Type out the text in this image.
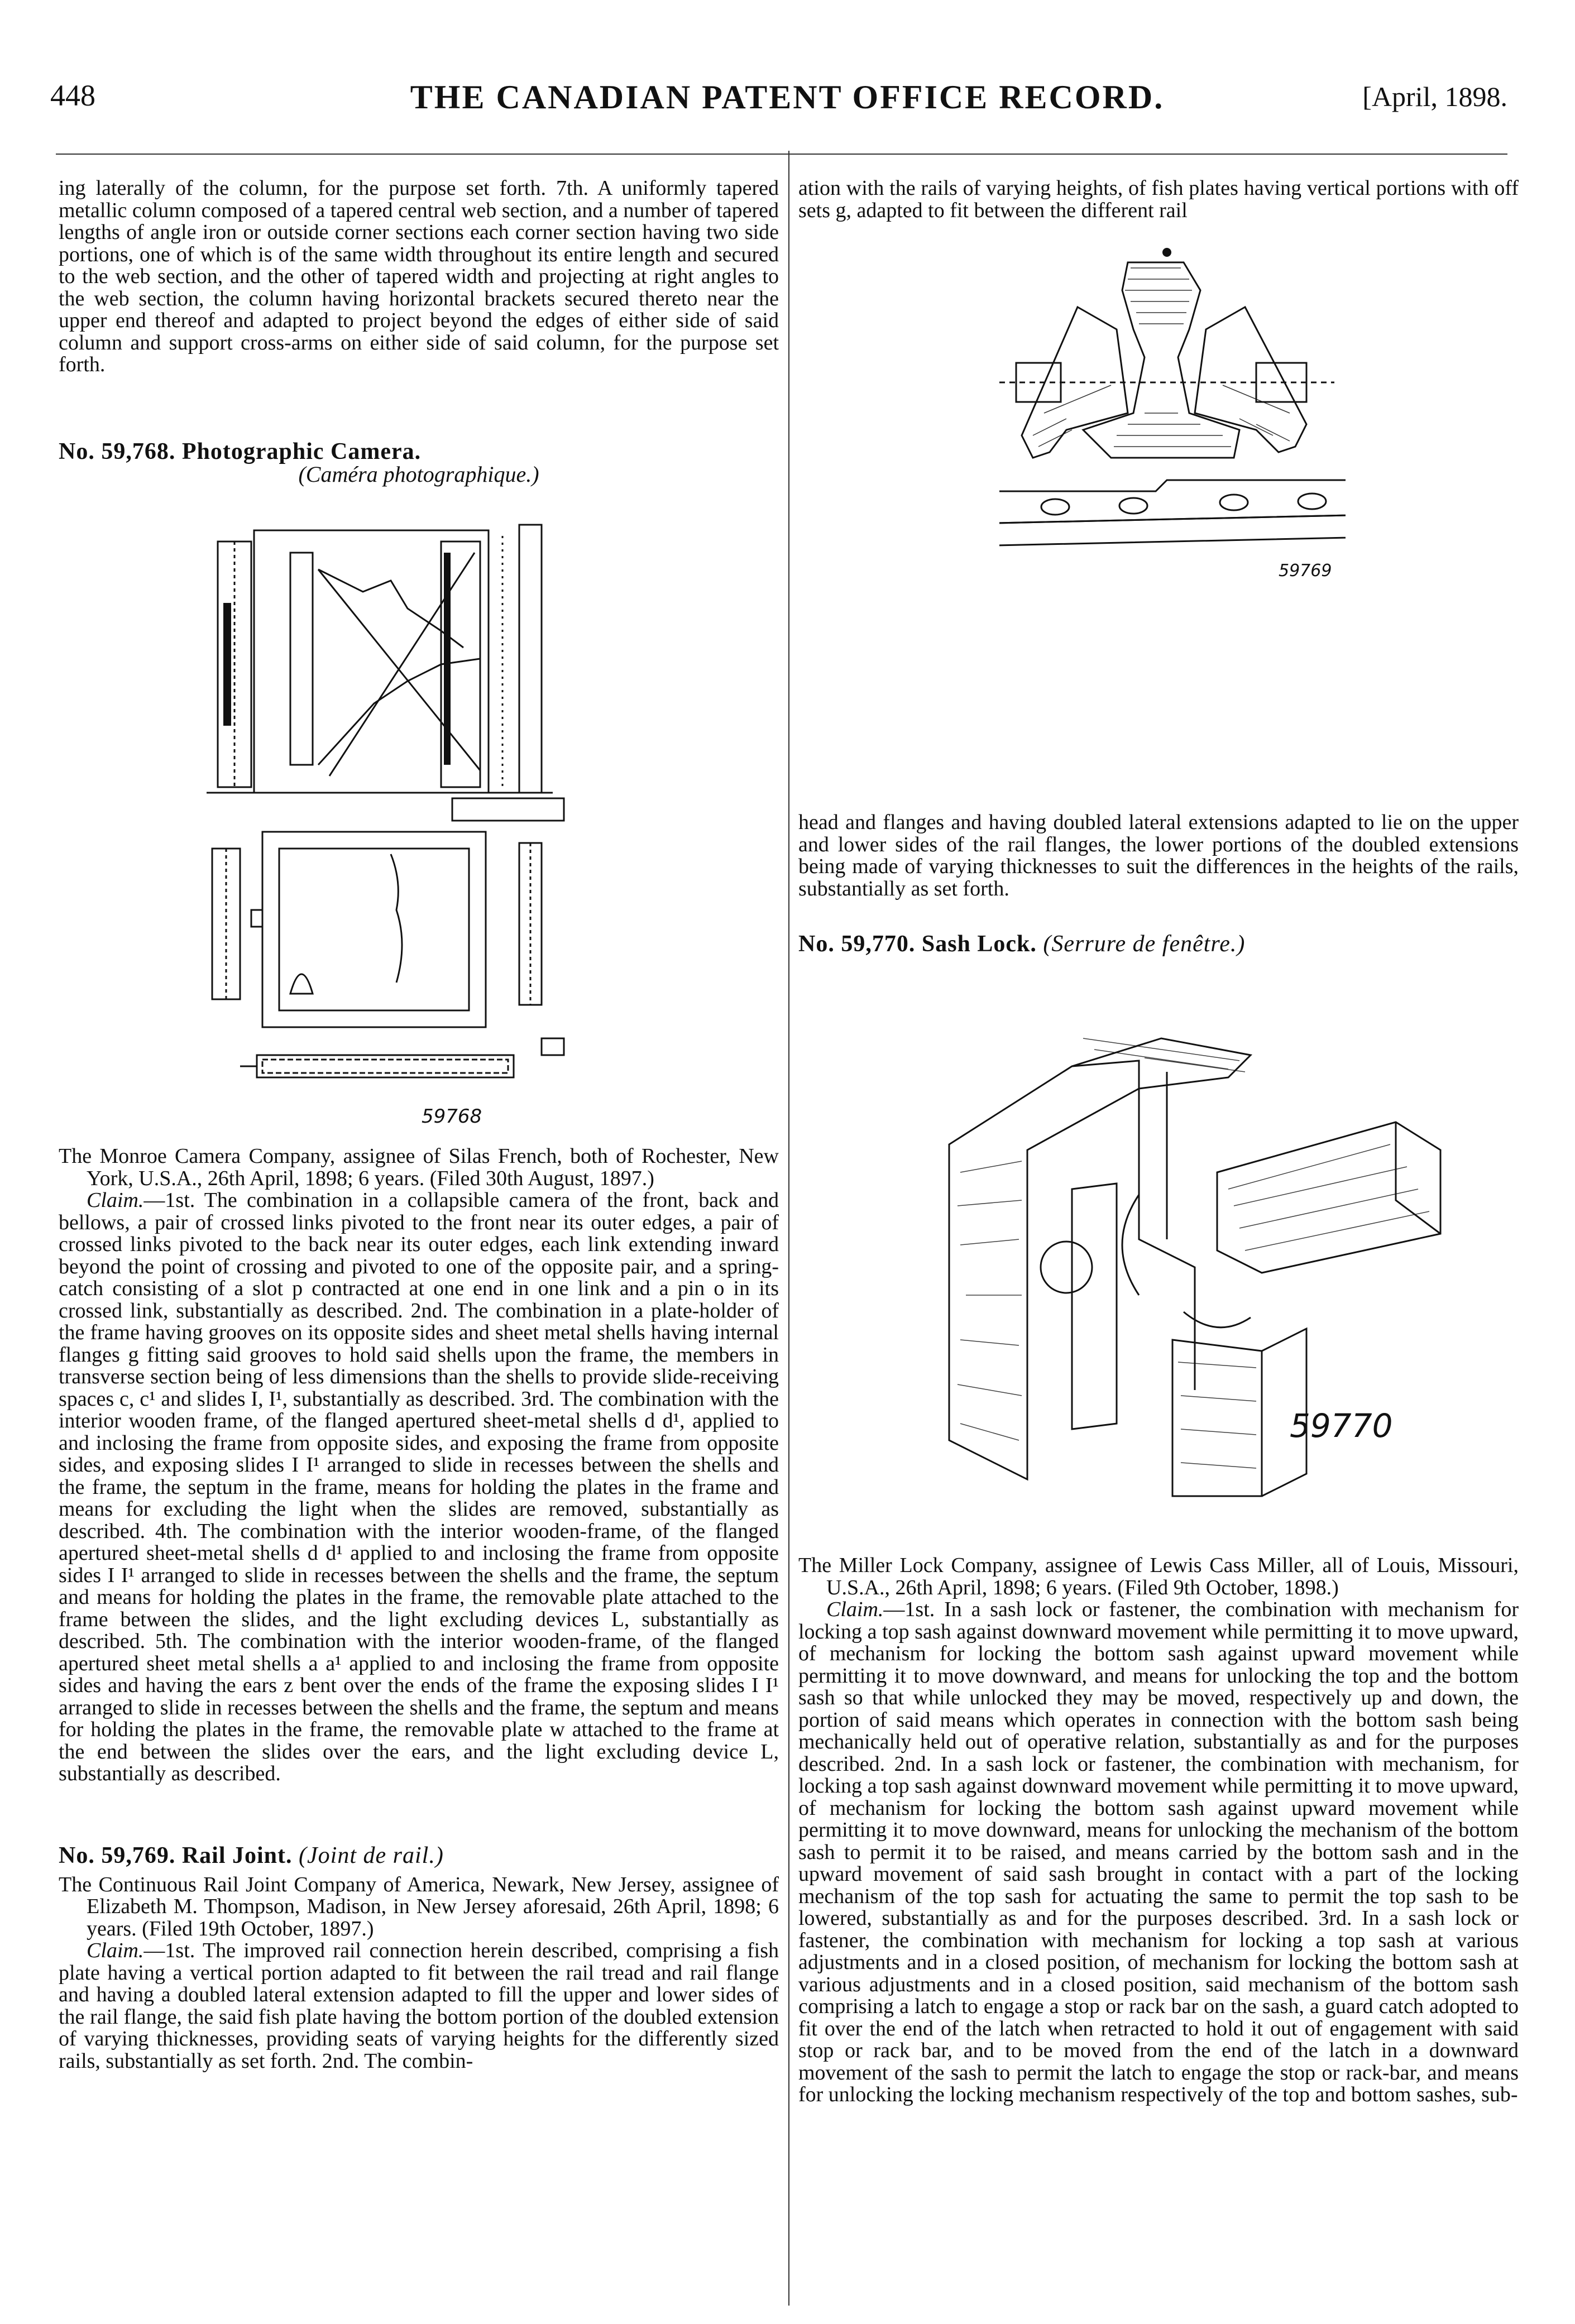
448	THE CANADIAN PATENT OFFICE RECORD.	[April, 1898.

ing laterally of the column, for the purpose set forth. 7th. A uniformly tapered metallic column composed of a tapered central web section, and a number of tapered lengths of angle iron or outside corner sections each corner section having two side portions, one of which is of the same width throughout its entire length and secured to the web section, and the other of tapered width and projecting at right angles to the web section, the column having horizontal brackets secured thereto near the upper end thereof and adapted to project beyond the edges of either side of said column and support cross-arms on either side of said column, for the purpose set forth.

No. 59,768. Photographic Camera.
(Caméra photographique.)
59768

The Monroe Camera Company, assignee of Silas French, both of Rochester, New York, U.S.A., 26th April, 1898; 6 years. (Filed 30th August, 1897.)

Claim.—1st. The combination in a collapsible camera of the front, back and bellows, a pair of crossed links pivoted to the front near its outer edges, a pair of crossed links pivoted to the back near its outer edges, each link extending inward beyond the point of crossing and pivoted to one of the opposite pair, and a spring-catch consisting of a slot p contracted at one end in one link and a pin o in its crossed link, substantially as described. 2nd. The combination in a plate-holder of the frame having grooves on its opposite sides and sheet metal shells having internal flanges g fitting said grooves to hold said shells upon the frame, the members in transverse section being of less dimensions than the shells to provide slide-receiving spaces c, c¹ and slides I, I¹, substantially as described. 3rd. The combination with the interior wooden frame, of the flanged apertured sheet-metal shells d d¹, applied to and inclosing the frame from opposite sides, and exposing the frame from opposite sides, and exposing slides I I¹ arranged to slide in recesses between the shells and the frame, the septum in the frame, means for holding the plates in the frame and means for excluding the light when the slides are removed, substantially as described. 4th. The combination with the interior wooden-frame, of the flanged apertured sheet-metal shells d d¹ applied to and inclosing the frame from opposite sides I I¹ arranged to slide in recesses between the shells and the frame, the septum and means for holding the plates in the frame, the removable plate attached to the frame between the slides, and the light excluding devices L, substantially as described. 5th. The combination with the interior wooden-frame, of the flanged apertured sheet metal shells a a¹ applied to and inclosing the frame from opposite sides and having the ears z bent over the ends of the frame the exposing slides I I¹ arranged to slide in recesses between the shells and the frame, the septum and means for holding the plates in the frame, the removable plate w attached to the frame at the end between the slides over the ears, and the light excluding device L, substantially as described.

No. 59,769. Rail Joint. (Joint de rail.)

The Continuous Rail Joint Company of America, Newark, New Jersey, assignee of Elizabeth M. Thompson, Madison, in New Jersey aforesaid, 26th April, 1898; 6 years. (Filed 19th October, 1897.)

Claim.—1st. The improved rail connection herein described, comprising a fish plate having a vertical portion adapted to fit between the rail tread and rail flange and having a doubled lateral extension adapted to fill the upper and lower sides of the rail flange, the said fish plate having the bottom portion of the doubled extension of varying thicknesses, providing seats of varying heights for the differently sized rails, substantially as set forth. 2nd. The combin-

ation with the rails of varying heights, of fish plates having vertical portions with off sets g, adapted to fit between the different rail

59769

head and flanges and having doubled lateral extensions adapted to lie on the upper and lower sides of the rail flanges, the lower portions of the doubled extensions being made of varying thicknesses to suit the differences in the heights of the rails, substantially as set forth.

No. 59,770. Sash Lock. (Serrure de fenêtre.)
59770

The Miller Lock Company, assignee of Lewis Cass Miller, all of Louis, Missouri, U.S.A., 26th April, 1898; 6 years. (Filed 9th October, 1898.)

Claim.—1st. In a sash lock or fastener, the combination with mechanism for locking a top sash against downward movement while permitting it to move upward, of mechanism for locking the bottom sash against upward movement while permitting it to move downward, and means for unlocking the top and the bottom sash so that while unlocked they may be moved, respectively up and down, the portion of said means which operates in connection with the bottom sash being mechanically held out of operative relation, substantially as and for the purposes described. 2nd. In a sash lock or fastener, the combination with mechanism, for locking a top sash against downward movement while permitting it to move upward, of mechanism for locking the bottom sash against upward movement while permitting it to move downward, means for unlocking the mechanism of the bottom sash to permit it to be raised, and means carried by the bottom sash and in the upward movement of said sash brought in contact with a part of the locking mechanism of the top sash for actuating the same to permit the top sash to be lowered, substantially as and for the purposes described. 3rd. In a sash lock or fastener, the combination with mechanism for locking a top sash at various adjustments and in a closed position, of mechanism for locking the bottom sash at various adjustments and in a closed position, said mechanism of the bottom sash comprising a latch to engage a stop or rack bar on the sash, a guard catch adopted to fit over the end of the latch when retracted to hold it out of engagement with said stop or rack bar, and to be moved from the end of the latch in a downward movement of the sash to permit the latch to engage the stop or rack-bar, and means for unlocking the locking mechanism respectively of the top and bottom sashes, sub-
